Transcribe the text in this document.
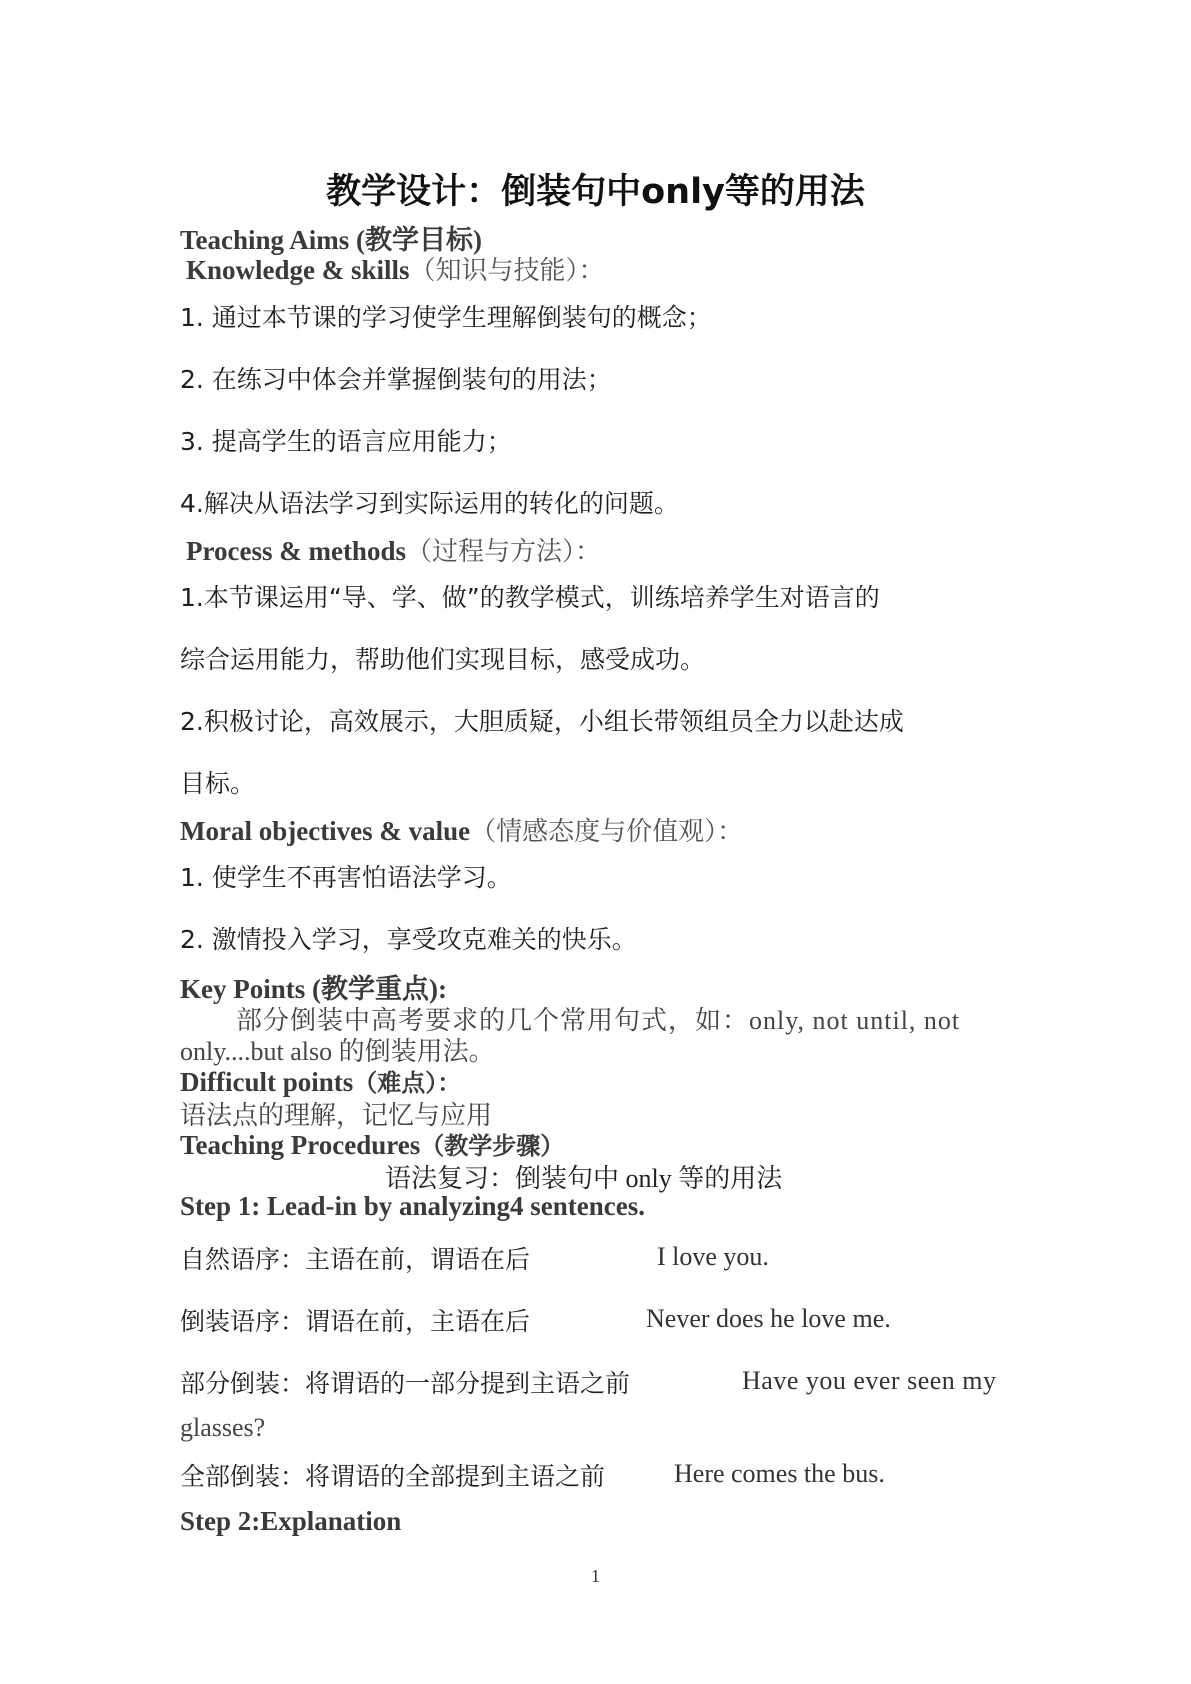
教学设计：倒装句中only等的用法
Teaching Aims (教学目标)
Knowledge & skills（知识与技能）：
1. 通过本节课的学习使学生理解倒装句的概念；
2. 在练习中体会并掌握倒装句的用法；
3. 提高学生的语言应用能力；
4.解决从语法学习到实际运用的转化的问题。
Process & methods（过程与方法）：
1.本节课运用“导、学、做”的教学模式，训练培养学生对语言的
综合运用能力，帮助他们实现目标，感受成功。
2.积极讨论，高效展示，大胆质疑，小组长带领组员全力以赴达成
目标。
Moral objectives & value（情感态度与价值观）：
1. 使学生不再害怕语法学习。
2. 激情投入学习，享受攻克难关的快乐。
Key Points (教学重点):
部分倒装中高考要求的几个常用句式，如：only, not until, not
only....but also 的倒装用法。
Difficult points（难点）：
语法点的理解，记忆与应用
Teaching Procedures（教学步骤）
语法复习：倒装句中 only 等的用法
Step 1: Lead-in by analyzing4 sentences.
自然语序：主语在前，谓语在后	I love you.
倒装语序：谓语在前，主语在后	Never does he love me.
部分倒装：将谓语的一部分提到主语之前	Have you ever seen my
glasses?
全部倒装：将谓语的全部提到主语之前	Here comes the bus.
Step 2:Explanation
1
